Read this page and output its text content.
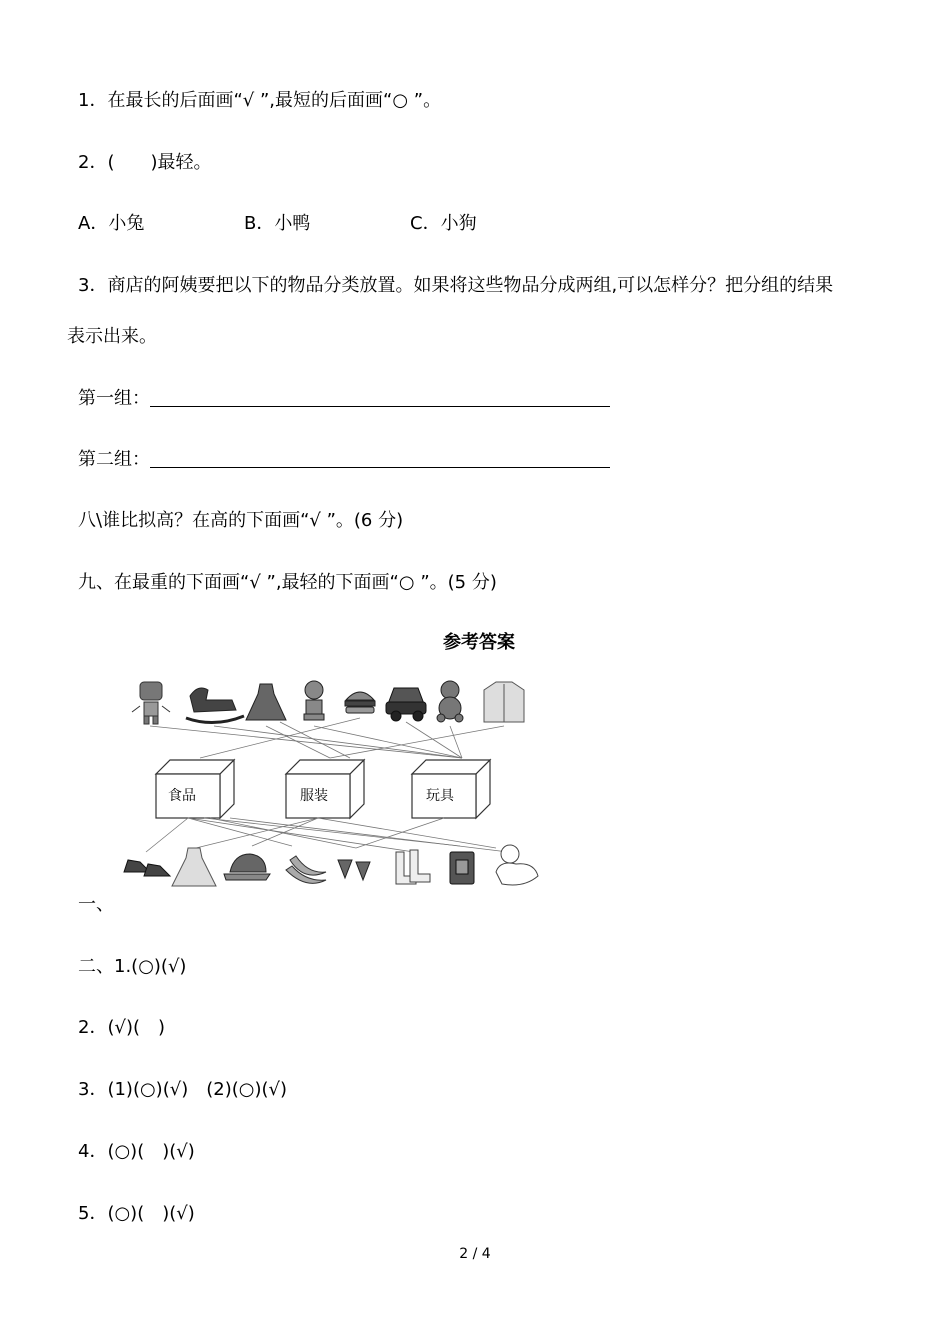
1．在最长的后面画“√ ”,最短的后面画“○ ”。
2．(　　)最轻。
A．小兔	B．小鸭	C．小狗
3．商店的阿姨要把以下的物品分类放置。如果将这些物品分成两组,可以怎样分？把分组的结果
表示出来。
第一组：
第二组：
八\谁比拟高？在高的下面画“√ ”。(6 分)
九、在最重的下面画“√ ”,最轻的下面画“○ ”。(5 分)
参考答案
食品	服装	玩具
一、
二、1.(○)(√)
2．(√)(　)
3．(1)(○)(√)　(2)(○)(√)
4．(○)(　)(√)
5．(○)(　)(√)
2 / 4
